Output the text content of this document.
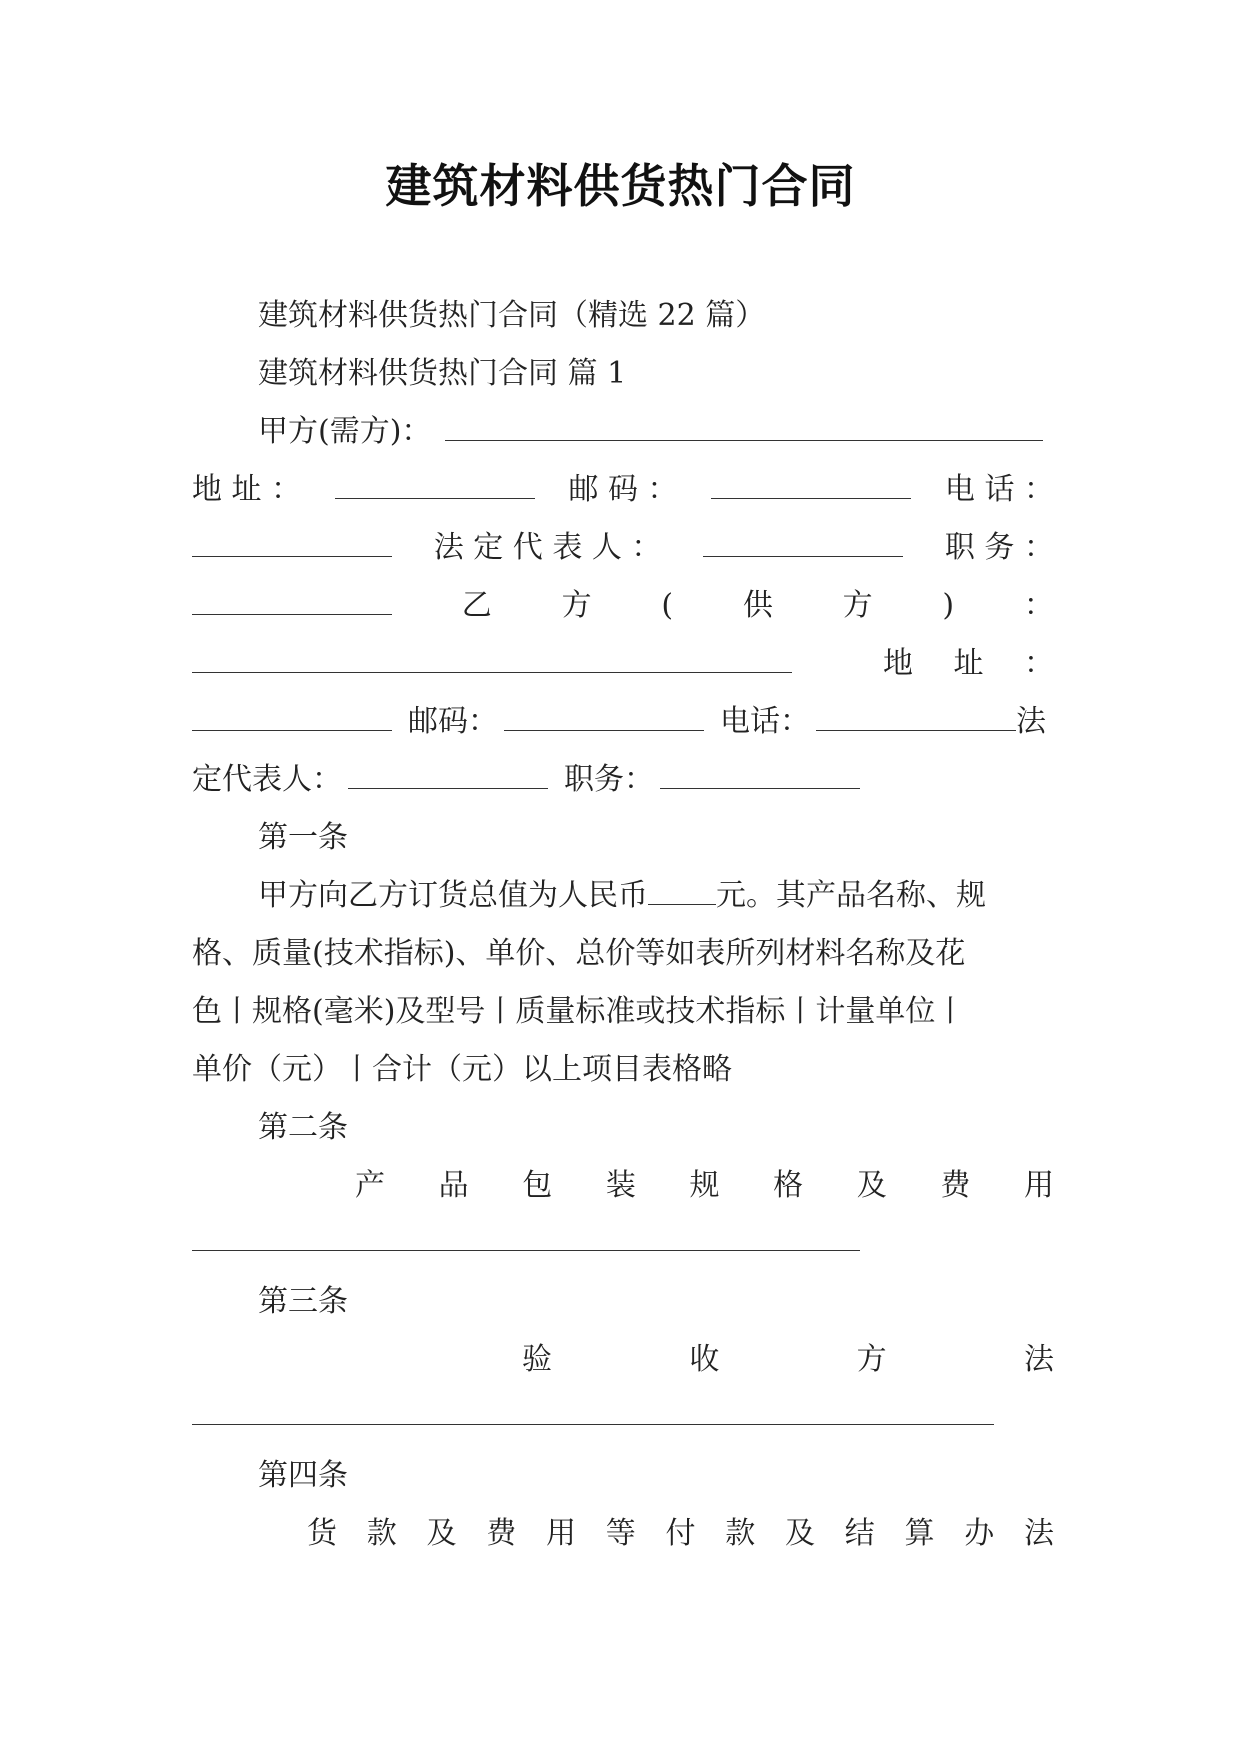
建筑材料供货热门合同
建筑材料供货热门合同（精选 22 篇）
建筑材料供货热门合同 篇 1
甲方(需方)：
地 址 ：	邮 码 ：	电 话 ：
法 定 代 表 人 ：	职 务 ：
乙 方 ( 供 方 ) ：
地 址 ：
邮码：	电话：	法
定代表人：	职务：
第一条
甲方向乙方订货总值为人民币 元。其产品名称、规
格、质量(技术指标)、单价、总价等如表所列材料名称及花
色丨规格(毫米)及型号丨质量标准或技术指标丨计量单位丨
单价（元）丨合计（元）以上项目表格略
第二条
产 品 包 装 规 格 及 费 用
第三条
验	收	方	法
第四条
货 款 及 费 用 等 付 款 及 结 算 办 法
